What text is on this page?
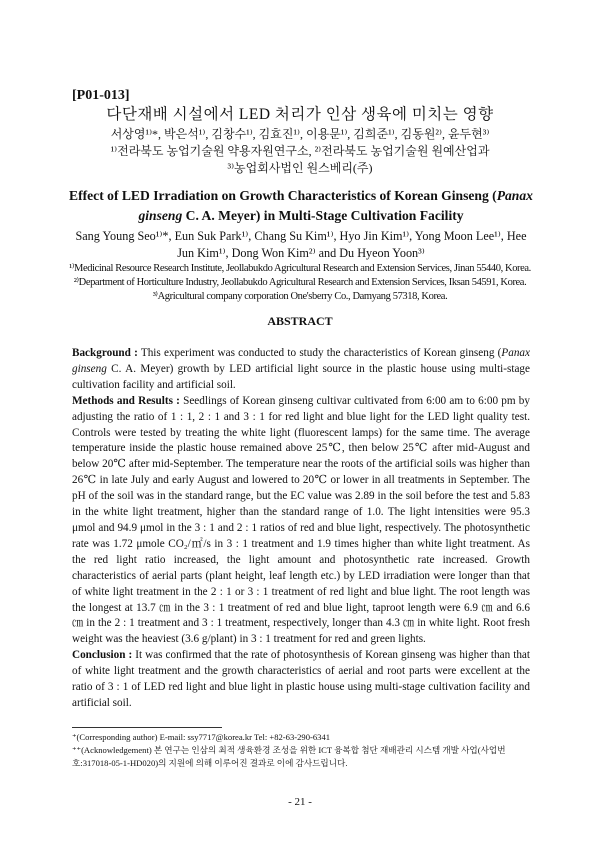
[P01-013]
다단재배 시설에서 LED 처리가 인삼 생육에 미치는 영향
서상영¹⁾*, 박은석¹⁾, 김창수¹⁾, 김효진¹⁾, 이용문¹⁾, 김희준¹⁾, 김동원²⁾, 윤두현³⁾
¹⁾전라북도 농업기술원 약용자원연구소, ²⁾전라북도 농업기술원 원예산업과
³⁾농업회사법인 원스베리(주)
Effect of LED Irradiation on Growth Characteristics of Korean Ginseng (Panax ginseng C. A. Meyer) in Multi-Stage Cultivation Facility
Sang Young Seo¹⁾*, Eun Suk Park¹⁾, Chang Su Kim¹⁾, Hyo Jin Kim¹⁾, Yong Moon Lee¹⁾, Hee Jun Kim¹⁾, Dong Won Kim²⁾ and Du Hyeon Yoon³⁾
¹⁾Medicinal Resource Research Institute, Jeollabukdo Agricultural Research and Extension Services, Jinan 55440, Korea.
²⁾Department of Horticulture Industry, Jeollabukdo Agricultural Research and Extension Services, Iksan 54591, Korea.
³⁾Agricultural company corporation One'sberry Co., Damyang 57318, Korea.
ABSTRACT

Background : This experiment was conducted to study the characteristics of Korean ginseng (Panax ginseng C. A. Meyer) growth by LED artificial light source in the plastic house using multi-stage cultivation facility and artificial soil.

Methods and Results : Seedlings of Korean ginseng cultivar cultivated from 6:00 am to 6:00 pm by adjusting the ratio of 1 : 1, 2 : 1 and 3 : 1 for red light and blue light for the LED light quality test. Controls were tested by treating the white light (fluorescent lamps) for the same time. The average temperature inside the plastic house remained above 25℃, then below 25℃ after mid-August and below 20℃ after mid-September. The temperature near the roots of the artificial soils was higher than 26℃ in late July and early August and lowered to 20℃ or lower in all treatments in September. The pH of the soil was in the standard range, but the EC value was 2.89 in the soil before the test and 5.83 in the white light treatment, higher than the standard range of 1.0. The light intensities were 95.3 μmol and 94.9 μmol in the 3 : 1 and 2 : 1 ratios of red and blue light, respectively. The photosynthetic rate was 1.72 μmole CO₂/㎡/s in 3 : 1 treatment and 1.9 times higher than white light treatment. As the red light ratio increased, the light amount and photosynthetic rate increased. Growth characteristics of aerial parts (plant height, leaf length etc.) by LED irradiation were longer than that of white light treatment in the 2 : 1 or 3 : 1 treatment of red light and blue light. The root length was the longest at 13.7 ㎝ in the 3 : 1 treatment of red and blue light, taproot length were 6.9 ㎝ and 6.6 ㎝ in the 2 : 1 treatment and 3 : 1 treatment, respectively, longer than 4.3 ㎝ in white light. Root fresh weight was the heaviest (3.6 g/plant) in 3 : 1 treatment for red and green lights.

Conclusion : It was confirmed that the rate of photosynthesis of Korean ginseng was higher than that of white light treatment and the growth characteristics of aerial and root parts were excellent at the ratio of 3 : 1 of LED red light and blue light in plastic house using multi-stage cultivation facility and artificial soil.

⁺(Corresponding author) E-mail: ssy7717@korea.kr Tel: +82-63-290-6341
⁺⁺(Acknowledgement) 본 연구는 인삼의 최적 생육환경 조성을 위한 ICT 융복합 첨단 재배관리 시스템 개발 사업(사업번호:317018-05-1-HD020)의 지원에 의해 이루어진 결과로 이에 감사드립니다.
- 21 -
